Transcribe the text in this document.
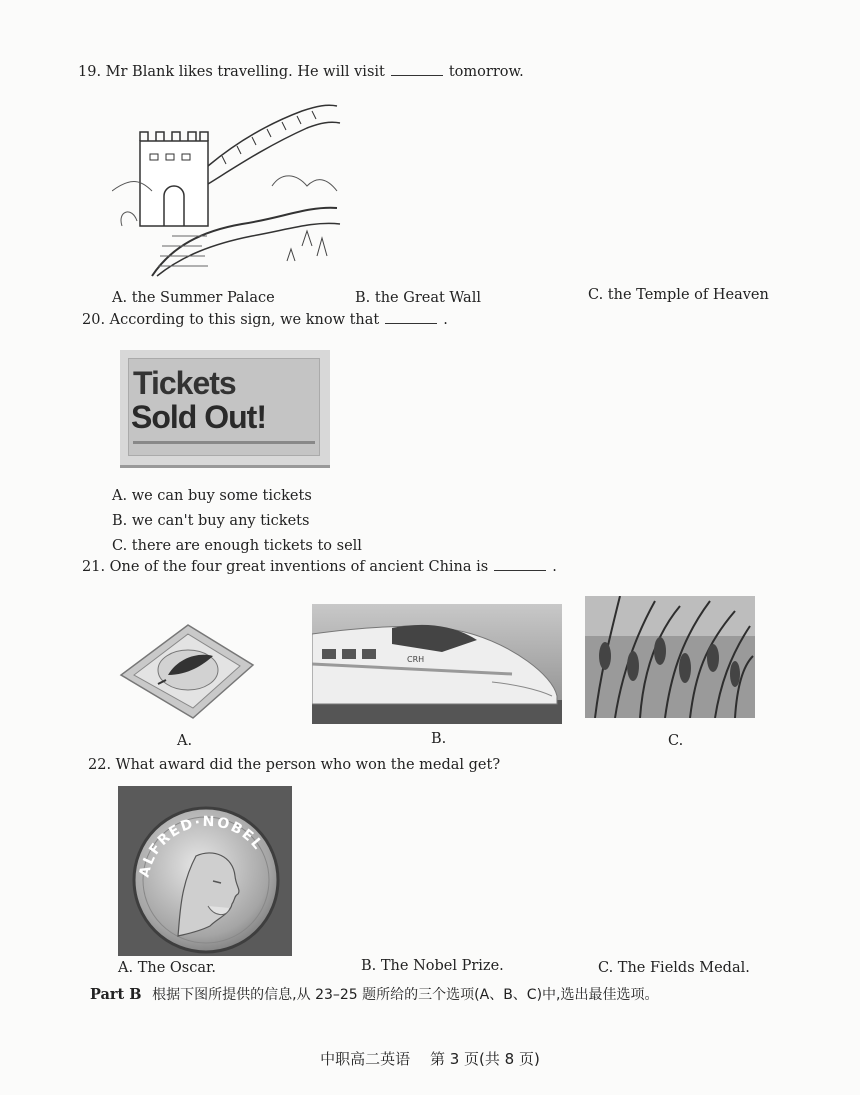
19. Mr Blank likes travelling. He will visit	tomorrow.
A. the Summer Palace	B. the Great Wall	C. the Temple of Heaven
20. According to this sign, we know that	.
Tickets
Sold Out!
A. we can buy some tickets
B. we can't buy any tickets
C. there are enough tickets to sell
21. One of the four great inventions of ancient China is	.
CRH
A.	B.	C.
22. What award did the person who won the medal get?
ALFRED·NOBEL
A. The Oscar.	B. The Nobel Prize.	C. The Fields Medal.
Part B 根据下图所提供的信息,从 23–25 题所给的三个选项(A、B、C)中,选出最佳选项。
中职高二英语　 第 3 页(共 8 页)
